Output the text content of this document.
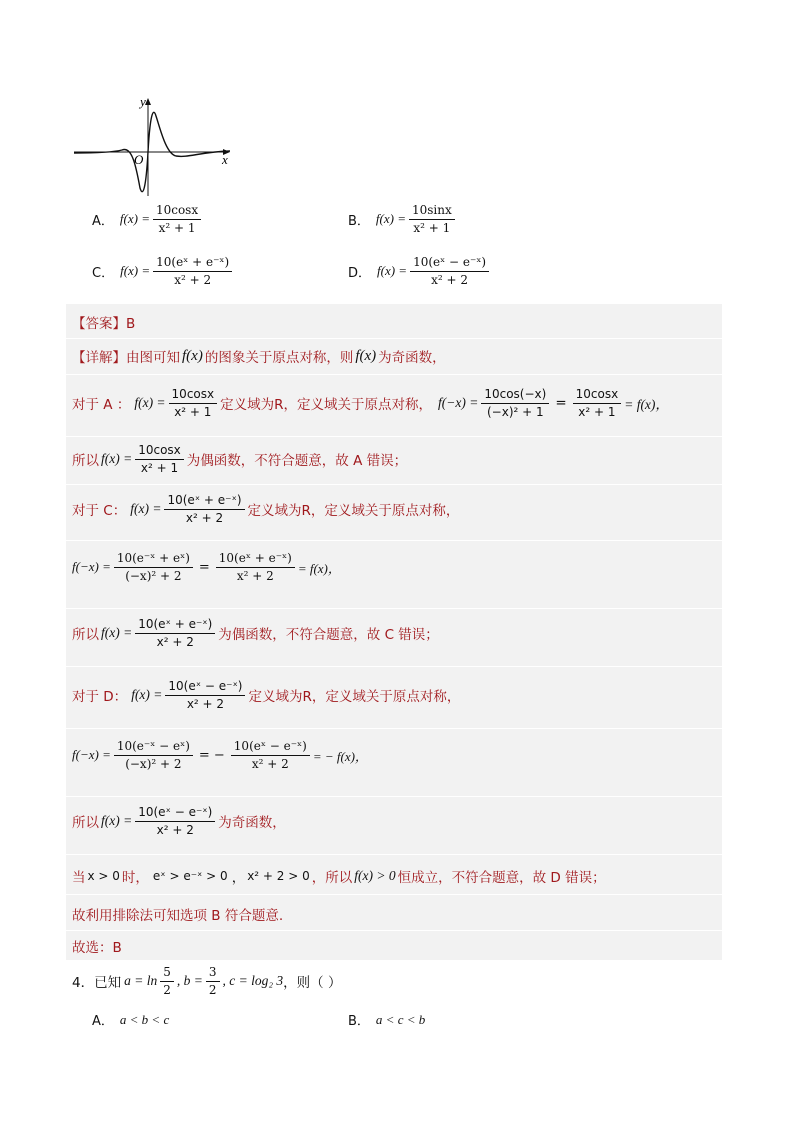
y
x
O
A． $f(x) = \frac{10\cos x}{\text{x² + 1}}$	B． $f(x) = \frac{10\sin x}{\text{x² + 1}}$
C． $f(x) = \frac{\text{10(eˣ + e⁻ˣ)}}{\text{x² + 2}}$	D． $f(x) = \frac{\text{10(eˣ − e⁻ˣ)}}{\text{x² + 2}}$
【答案】B
【详解】 由图可知 f(x) 的图象关于原点对称，则 f(x) 为奇函数，
对于 A ： $f(x) = \frac{10\cos x}{\text{x² + 1}}$ 定义域为R，定义域关于原点对称， $f(-x) = \frac{10\cos(-x)}{\text{(−x)² + 1}} = \frac{10\cos x}{\text{x² + 1}} = f(x)$，
所以 $f(x) = \frac{10\cos x}{\text{x² + 1}}$ 为偶函数，不符合题意，故 A 错误；
对于 C： $f(x) = \frac{\text{10(eˣ + e⁻ˣ)}}{\text{x² + 2}}$ 定义域为R，定义域关于原点对称，
$f(-x) = \frac{\text{10(e⁻ˣ + eˣ)}}{\text{(−x)² + 2}} = \frac{\text{10(eˣ + e⁻ˣ)}}{\text{x² + 2}} = f(x)$，
所以 $f(x) = \frac{\text{10(eˣ + e⁻ˣ)}}{\text{x² + 2}}$ 为偶函数，不符合题意，故 C 错误；
对于 D： $f(x) = \frac{\text{10(eˣ − e⁻ˣ)}}{\text{x² + 2}}$ 定义域为R，定义域关于原点对称，
$f(-x) = \frac{\text{10(e⁻ˣ − eˣ)}}{\text{(−x)² + 2}}$ = − $\frac{\text{10(eˣ − e⁻ˣ)}}{\text{x² + 2}}$ = − f(x)，
所以 $f(x) = \frac{\text{10(eˣ − e⁻ˣ)}}{\text{x² + 2}}$ 为奇函数，
当 x > 0 时， eˣ > e⁻ˣ > 0 ， x² + 2 > 0 ，所以 f(x) > 0 恒成立，不符合题意，故 D 错误；
故利用排除法可知选项 B 符合题意.
故选：B
4．已知 $a = \ln \frac{5}{2}$ , $b = \frac{3}{2}$ , c = log₂ 3 ，则（ ）
A． a < b < c	B． a < c < b
